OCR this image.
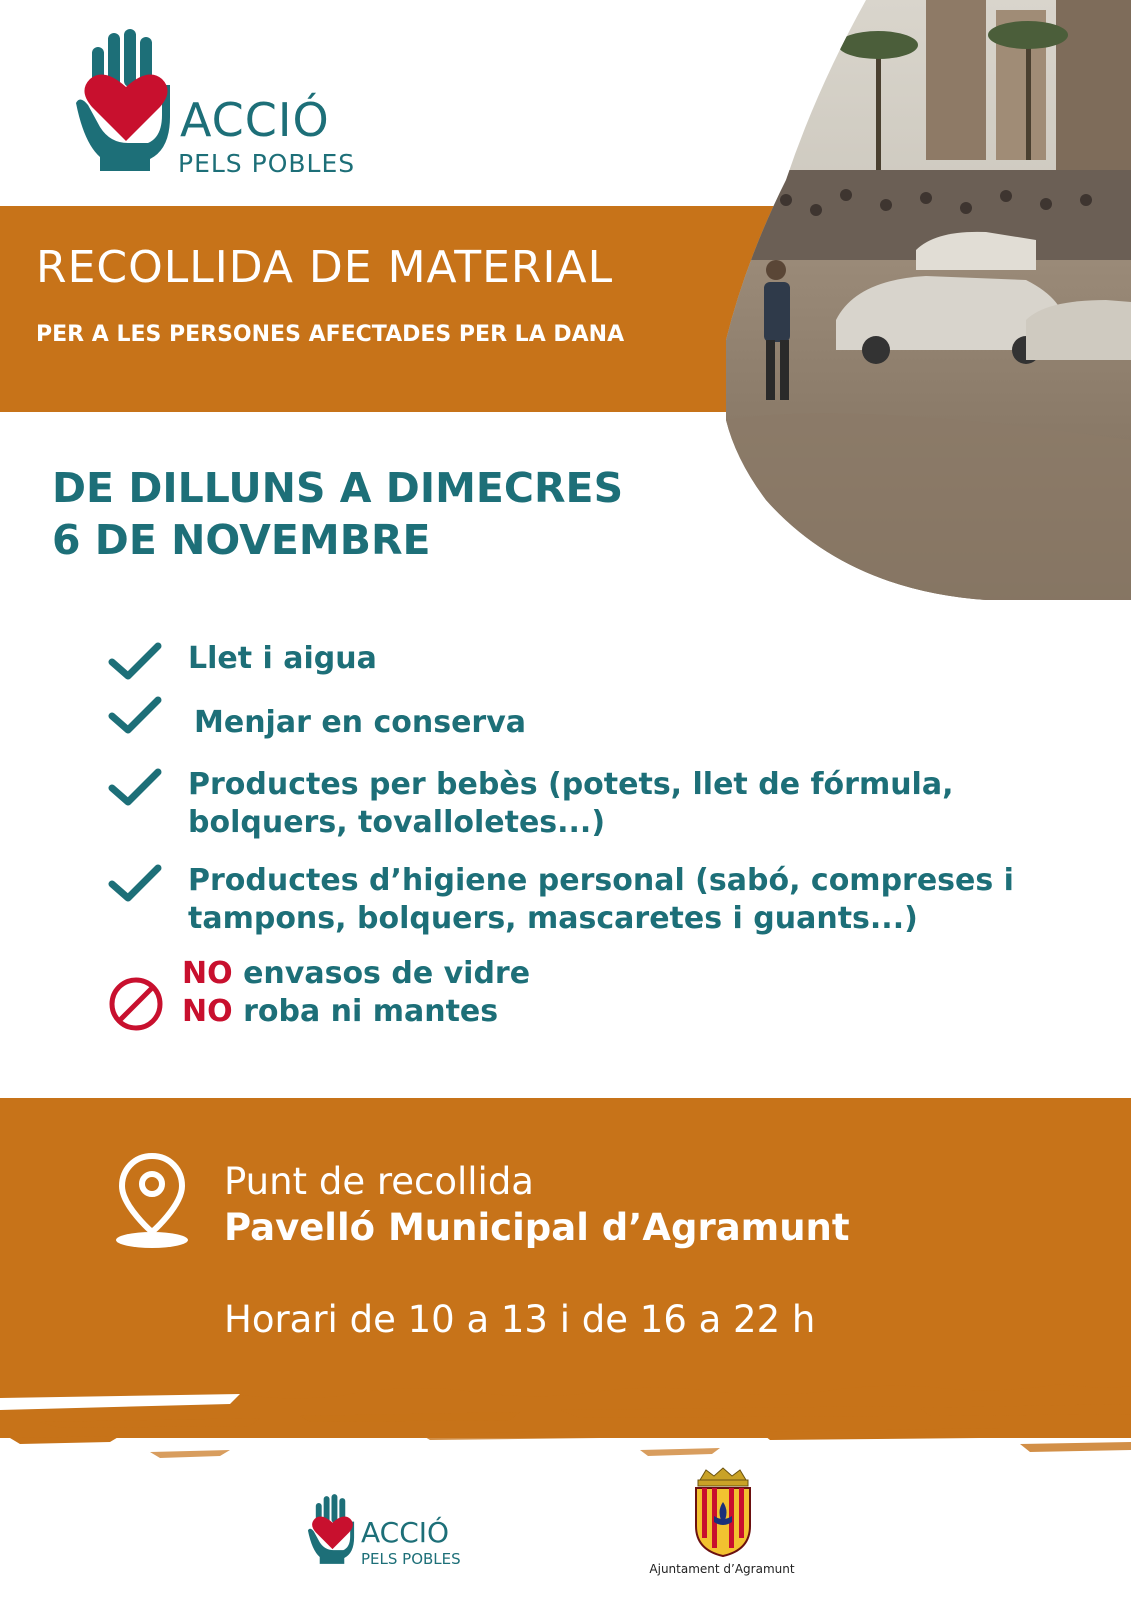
ACCIÓ
PELS POBLES
RECOLLIDA DE MATERIAL
PER A LES PERSONES AFECTADES PER LA DANA
DE DILLUNS A DIMECRES
6 DE NOVEMBRE
Llet i aigua
Menjar en conserva
Productes per bebès (potets, llet de fórmula,
bolquers, tovalloletes...)
Productes d’higiene personal (sabó, compreses i
tampons, bolquers, mascaretes i guants...)
NO envasos de vidre
NO roba ni mantes
Punt de recollida
Pavelló Municipal d’Agramunt
Horari de 10 a 13 i de 16 a 22 h
ACCIÓ
PELS POBLES
Ajuntament d’Agramunt
